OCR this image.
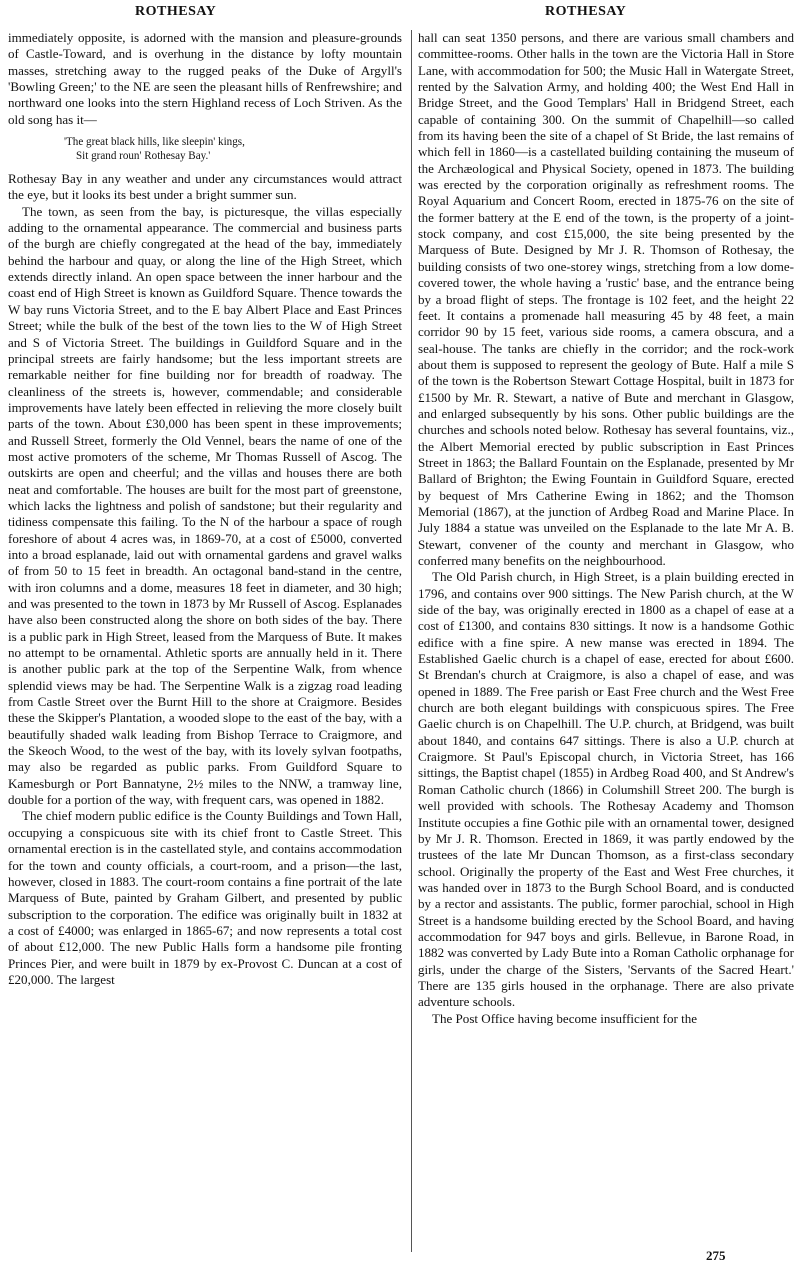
ROTHESAY	ROTHESAY

immediately opposite, is adorned with the mansion and pleasure-grounds of Castle-Toward, and is overhung in the distance by lofty mountain masses, stretching away to the rugged peaks of the Duke of Argyll's 'Bowling Green;' to the NE are seen the pleasant hills of Renfrewshire; and northward one looks into the stern Highland recess of Loch Striven. As the old song has it—

'The great black hills, like sleepin' kings,
Sit grand roun' Rothesay Bay.'

Rothesay Bay in any weather and under any circumstances would attract the eye, but it looks its best under a bright summer sun.

The town, as seen from the bay, is picturesque, the villas especially adding to the ornamental appearance. The commercial and business parts of the burgh are chiefly congregated at the head of the bay, immediately behind the harbour and quay, or along the line of the High Street, which extends directly inland. An open space between the inner harbour and the coast end of High Street is known as Guildford Square. Thence towards the W bay runs Victoria Street, and to the E bay Albert Place and East Princes Street; while the bulk of the best of the town lies to the W of High Street and S of Victoria Street. The buildings in Guildford Square and in the principal streets are fairly handsome; but the less important streets are remarkable neither for fine building nor for breadth of roadway. The cleanliness of the streets is, however, commendable; and considerable improvements have lately been effected in relieving the more closely built parts of the town. About £30,000 has been spent in these improvements; and Russell Street, formerly the Old Vennel, bears the name of one of the most active promoters of the scheme, Mr Thomas Russell of Ascog. The outskirts are open and cheerful; and the villas and houses there are both neat and comfortable. The houses are built for the most part of greenstone, which lacks the lightness and polish of sandstone; but their regularity and tidiness compensate this failing. To the N of the harbour a space of rough foreshore of about 4 acres was, in 1869-70, at a cost of £5000, converted into a broad esplanade, laid out with ornamental gardens and gravel walks of from 50 to 15 feet in breadth. An octagonal band-stand in the centre, with iron columns and a dome, measures 18 feet in diameter, and 30 high; and was presented to the town in 1873 by Mr Russell of Ascog. Esplanades have also been constructed along the shore on both sides of the bay. There is a public park in High Street, leased from the Marquess of Bute. It makes no attempt to be ornamental. Athletic sports are annually held in it. There is another public park at the top of the Serpentine Walk, from whence splendid views may be had. The Serpentine Walk is a zigzag road leading from Castle Street over the Burnt Hill to the shore at Craigmore. Besides these the Skipper's Plantation, a wooded slope to the east of the bay, with a beautifully shaded walk leading from Bishop Terrace to Craigmore, and the Skeoch Wood, to the west of the bay, with its lovely sylvan footpaths, may also be regarded as public parks. From Guildford Square to Kamesburgh or Port Bannatyne, 2½ miles to the NNW, a tramway line, double for a portion of the way, with frequent cars, was opened in 1882.

The chief modern public edifice is the County Buildings and Town Hall, occupying a conspicuous site with its chief front to Castle Street. This ornamental erection is in the castellated style, and contains accommodation for the town and county officials, a court-room, and a prison—the last, however, closed in 1883. The court-room contains a fine portrait of the late Marquess of Bute, painted by Graham Gilbert, and presented by public subscription to the corporation. The edifice was originally built in 1832 at a cost of £4000; was enlarged in 1865-67; and now represents a total cost of about £12,000. The new Public Halls form a handsome pile fronting Princes Pier, and were built in 1879 by ex-Provost C. Duncan at a cost of £20,000. The largest

hall can seat 1350 persons, and there are various small chambers and committee-rooms. Other halls in the town are the Victoria Hall in Store Lane, with accommodation for 500; the Music Hall in Watergate Street, rented by the Salvation Army, and holding 400; the West End Hall in Bridge Street, and the Good Templars' Hall in Bridgend Street, each capable of containing 300. On the summit of Chapelhill—so called from its having been the site of a chapel of St Bride, the last remains of which fell in 1860—is a castellated building containing the museum of the Archæological and Physical Society, opened in 1873. The building was erected by the corporation originally as refreshment rooms. The Royal Aquarium and Concert Room, erected in 1875-76 on the site of the former battery at the E end of the town, is the property of a joint-stock company, and cost £15,000, the site being presented by the Marquess of Bute. Designed by Mr J. R. Thomson of Rothesay, the building consists of two one-storey wings, stretching from a low dome-covered tower, the whole having a 'rustic' base, and the entrance being by a broad flight of steps. The frontage is 102 feet, and the height 22 feet. It contains a promenade hall measuring 45 by 48 feet, a main corridor 90 by 15 feet, various side rooms, a camera obscura, and a seal-house. The tanks are chiefly in the corridor; and the rock-work about them is supposed to represent the geology of Bute. Half a mile S of the town is the Robertson Stewart Cottage Hospital, built in 1873 for £1500 by Mr. R. Stewart, a native of Bute and merchant in Glasgow, and enlarged subsequently by his sons. Other public buildings are the churches and schools noted below. Rothesay has several fountains, viz., the Albert Memorial erected by public subscription in East Princes Street in 1863; the Ballard Fountain on the Esplanade, presented by Mr Ballard of Brighton; the Ewing Fountain in Guildford Square, erected by bequest of Mrs Catherine Ewing in 1862; and the Thomson Memorial (1867), at the junction of Ardbeg Road and Marine Place. In July 1884 a statue was unveiled on the Esplanade to the late Mr A. B. Stewart, convener of the county and merchant in Glasgow, who conferred many benefits on the neighbourhood.

The Old Parish church, in High Street, is a plain building erected in 1796, and contains over 900 sittings. The New Parish church, at the W side of the bay, was originally erected in 1800 as a chapel of ease at a cost of £1300, and contains 830 sittings. It now is a handsome Gothic edifice with a fine spire. A new manse was erected in 1894. The Established Gaelic church is a chapel of ease, erected for about £600. St Brendan's church at Craigmore, is also a chapel of ease, and was opened in 1889. The Free parish or East Free church and the West Free church are both elegant buildings with conspicuous spires. The Free Gaelic church is on Chapelhill. The U.P. church, at Bridgend, was built about 1840, and contains 647 sittings. There is also a U.P. church at Craigmore. St Paul's Episcopal church, in Victoria Street, has 166 sittings, the Baptist chapel (1855) in Ardbeg Road 400, and St Andrew's Roman Catholic church (1866) in Columshill Street 200. The burgh is well provided with schools. The Rothesay Academy and Thomson Institute occupies a fine Gothic pile with an ornamental tower, designed by Mr J. R. Thomson. Erected in 1869, it was partly endowed by the trustees of the late Mr Duncan Thomson, as a first-class secondary school. Originally the property of the East and West Free churches, it was handed over in 1873 to the Burgh School Board, and is conducted by a rector and assistants. The public, former parochial, school in High Street is a handsome building erected by the School Board, and having accommodation for 947 boys and girls. Bellevue, in Barone Road, in 1882 was converted by Lady Bute into a Roman Catholic orphanage for girls, under the charge of the Sisters, 'Servants of the Sacred Heart.' There are 135 girls housed in the orphanage. There are also private adventure schools.

The Post Office having become insufficient for the

275
